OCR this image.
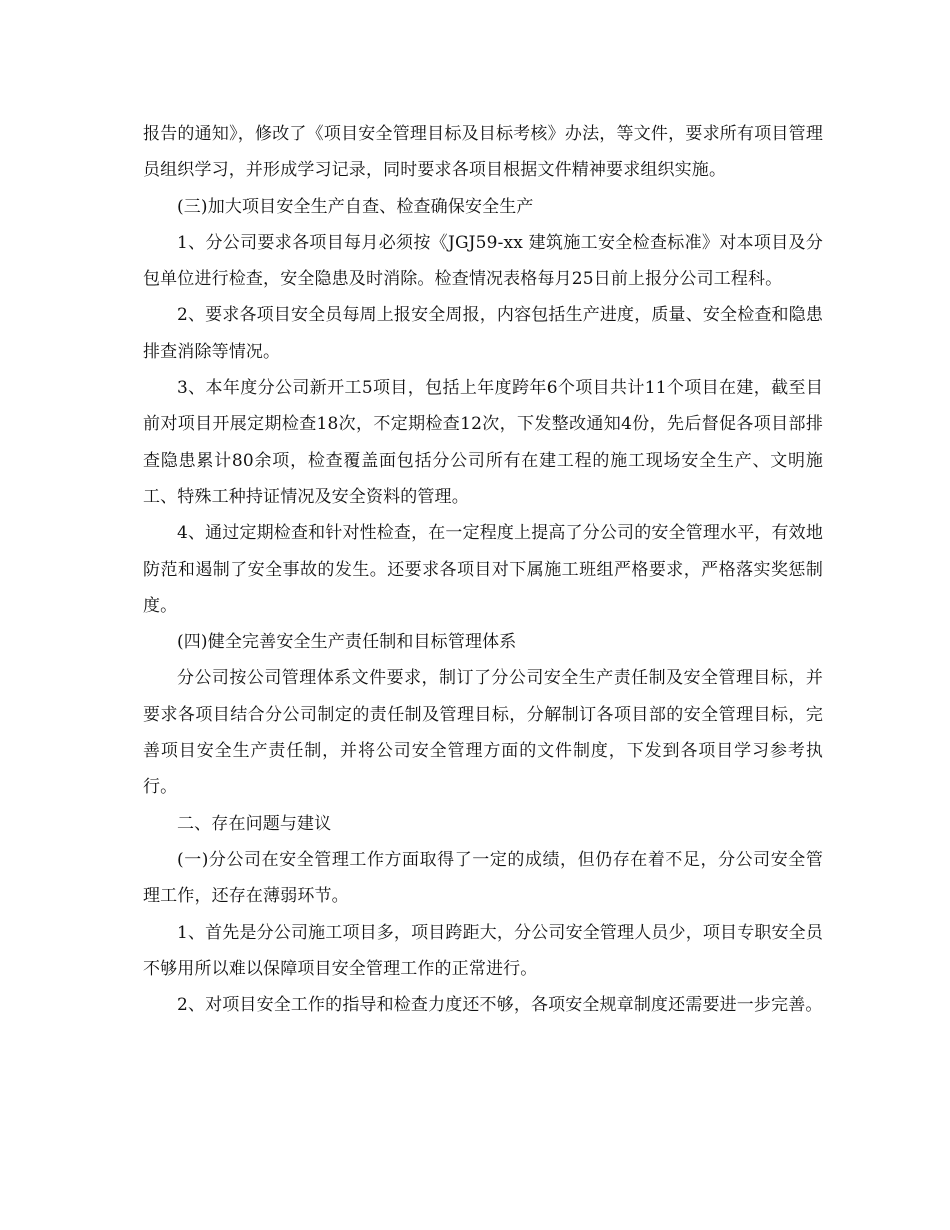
报告的通知》，修改了《项目安全管理目标及目标考核》办法，等文件，要求所有项目管理员组织学习，并形成学习记录，同时要求各项目根据文件精神要求组织实施。

(三)加大项目安全生产自查、检查确保安全生产

1、分公司要求各项目每月必须按《JGJ59-xx 建筑施工安全检查标准》对本项目及分包单位进行检查，安全隐患及时消除。检查情况表格每月25日前上报分公司工程科。

2、要求各项目安全员每周上报安全周报，内容包括生产进度，质量、安全检查和隐患排查消除等情况。

3、本年度分公司新开工5项目，包括上年度跨年6个项目共计11个项目在建，截至目前对项目开展定期检查18次，不定期检查12次，下发整改通知4份，先后督促各项目部排查隐患累计80余项，检查覆盖面包括分公司所有在建工程的施工现场安全生产、文明施工、特殊工种持证情况及安全资料的管理。

4、通过定期检查和针对性检查，在一定程度上提高了分公司的安全管理水平，有效地防范和遏制了安全事故的发生。还要求各项目对下属施工班组严格要求，严格落实奖惩制度。

(四)健全完善安全生产责任制和目标管理体系

分公司按公司管理体系文件要求，制订了分公司安全生产责任制及安全管理目标，并要求各项目结合分公司制定的责任制及管理目标，分解制订各项目部的安全管理目标，完善项目安全生产责任制，并将公司安全管理方面的文件制度，下发到各项目学习参考执行。

二、存在问题与建议

(一)分公司在安全管理工作方面取得了一定的成绩，但仍存在着不足，分公司安全管理工作，还存在薄弱环节。

1、首先是分公司施工项目多，项目跨距大，分公司安全管理人员少，项目专职安全员不够用所以难以保障项目安全管理工作的正常进行。

2、对项目安全工作的指导和检查力度还不够，各项安全规章制度还需要进一步完善。
